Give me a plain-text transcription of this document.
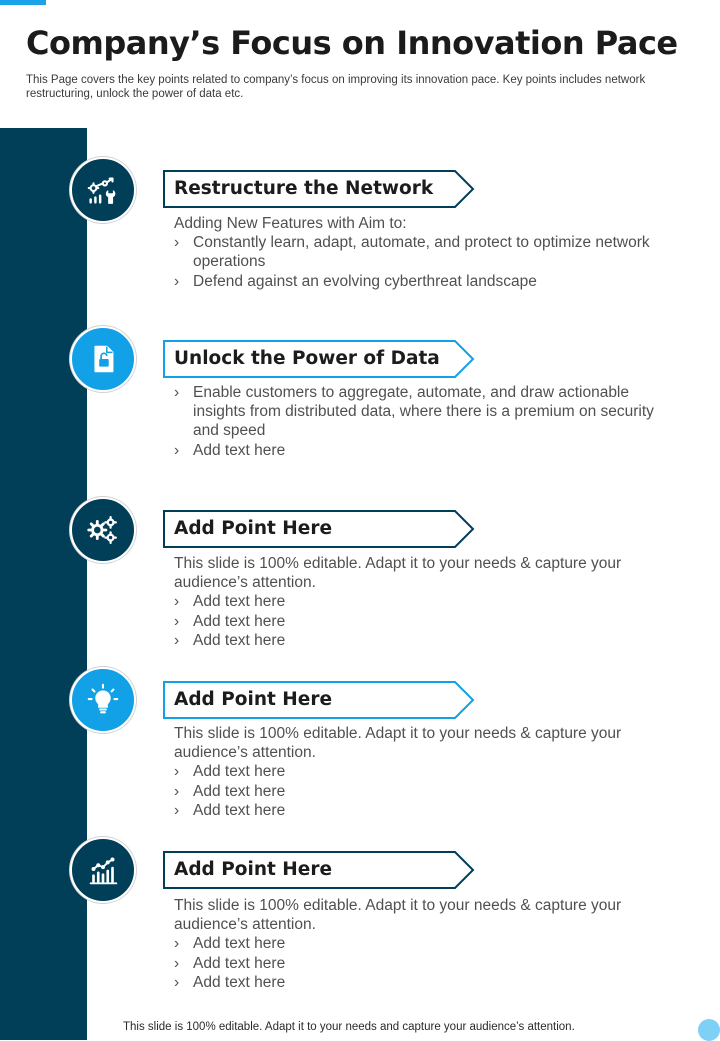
Company’s Focus on Innovation Pace

This Page covers the key points related to company’s focus on improving its innovation pace. Key points includes network restructuring, unlock the power of data etc.

Restructure the Network

Adding New Features with Aim to:

› Constantly learn, adapt, automate, and protect to optimize network operations

› Defend against an evolving cyberthreat landscape

Unlock the Power of Data

› Enable customers to aggregate, automate, and draw actionable insights from distributed data, where there is a premium on security and speed

› Add text here

Add Point Here

This slide is 100% editable. Adapt it to your needs & capture your audience’s attention.

› Add text here

› Add text here

› Add text here

Add Point Here

This slide is 100% editable. Adapt it to your needs & capture your audience’s attention.

› Add text here

› Add text here

› Add text here

Add Point Here

This slide is 100% editable. Adapt it to your needs & capture your audience’s attention.

› Add text here

› Add text here

› Add text here

This slide is 100% editable. Adapt it to your needs and capture your audience’s attention.
